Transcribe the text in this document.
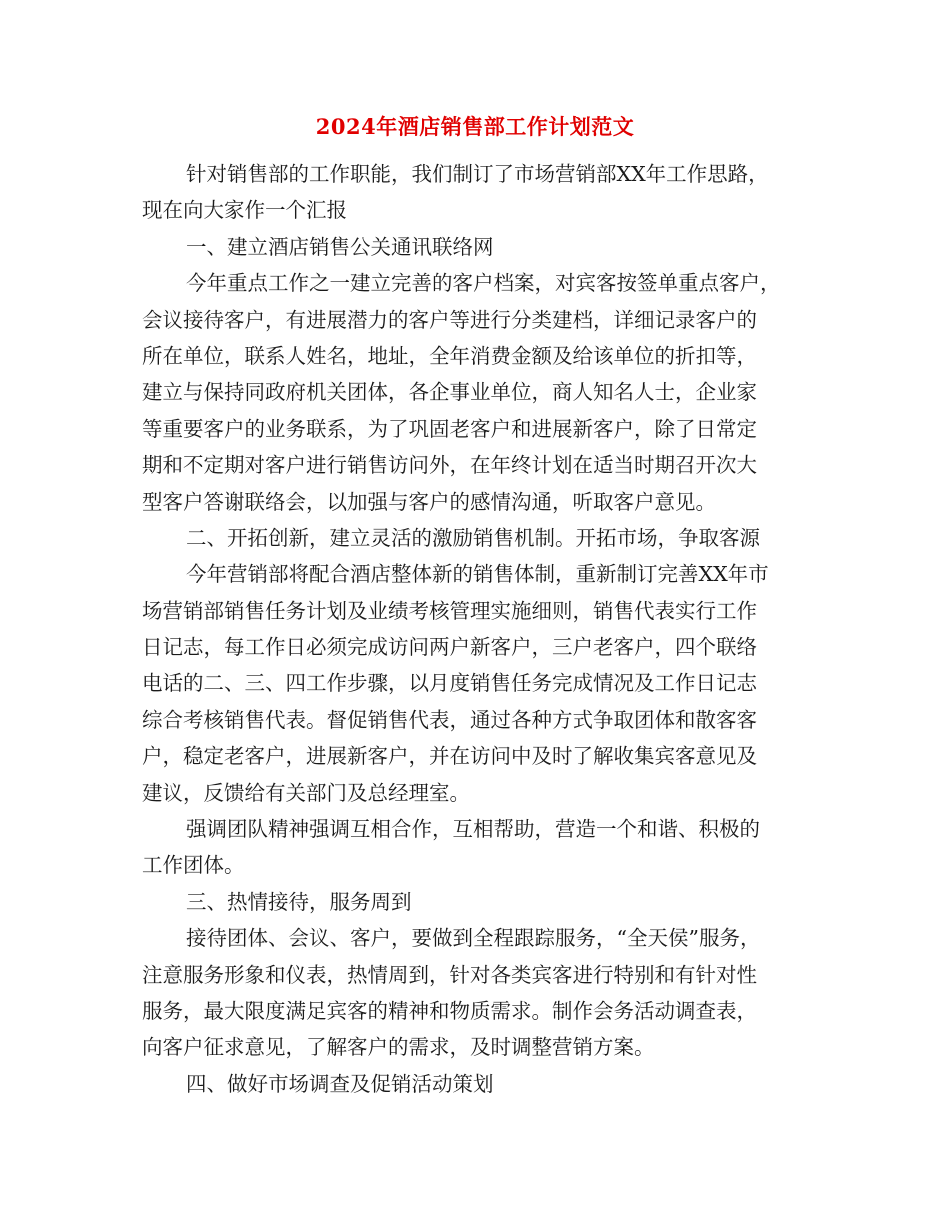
2024年酒店销售部工作计划范文
针对销售部的工作职能，我们制订了市场营销部XX年工作思路，
现在向大家作一个汇报
一、建立酒店销售公关通讯联络网
今年重点工作之一建立完善的客户档案，对宾客按签单重点客户，
会议接待客户，有进展潜力的客户等进行分类建档，详细记录客户的
所在单位，联系人姓名，地址，全年消费金额及给该单位的折扣等，
建立与保持同政府机关团体，各企事业单位，商人知名人士，企业家
等重要客户的业务联系，为了巩固老客户和进展新客户，除了日常定
期和不定期对客户进行销售访问外，在年终计划在适当时期召开次大
型客户答谢联络会，以加强与客户的感情沟通，听取客户意见。
二、开拓创新，建立灵活的激励销售机制。开拓市场，争取客源
今年营销部将配合酒店整体新的销售体制，重新制订完善XX年市
场营销部销售任务计划及业绩考核管理实施细则，销售代表实行工作
日记志，每工作日必须完成访问两户新客户，三户老客户，四个联络
电话的二、三、四工作步骤，以月度销售任务完成情况及工作日记志
综合考核销售代表。督促销售代表，通过各种方式争取团体和散客客
户，稳定老客户，进展新客户，并在访问中及时了解收集宾客意见及
建议，反馈给有关部门及总经理室。
强调团队精神强调互相合作，互相帮助，营造一个和谐、积极的
工作团体。
三、热情接待，服务周到
接待团体、会议、客户，要做到全程跟踪服务，“全天侯”服务，
注意服务形象和仪表，热情周到，针对各类宾客进行特别和有针对性
服务，最大限度满足宾客的精神和物质需求。制作会务活动调查表，
向客户征求意见，了解客户的需求，及时调整营销方案。
四、做好市场调查及促销活动策划
